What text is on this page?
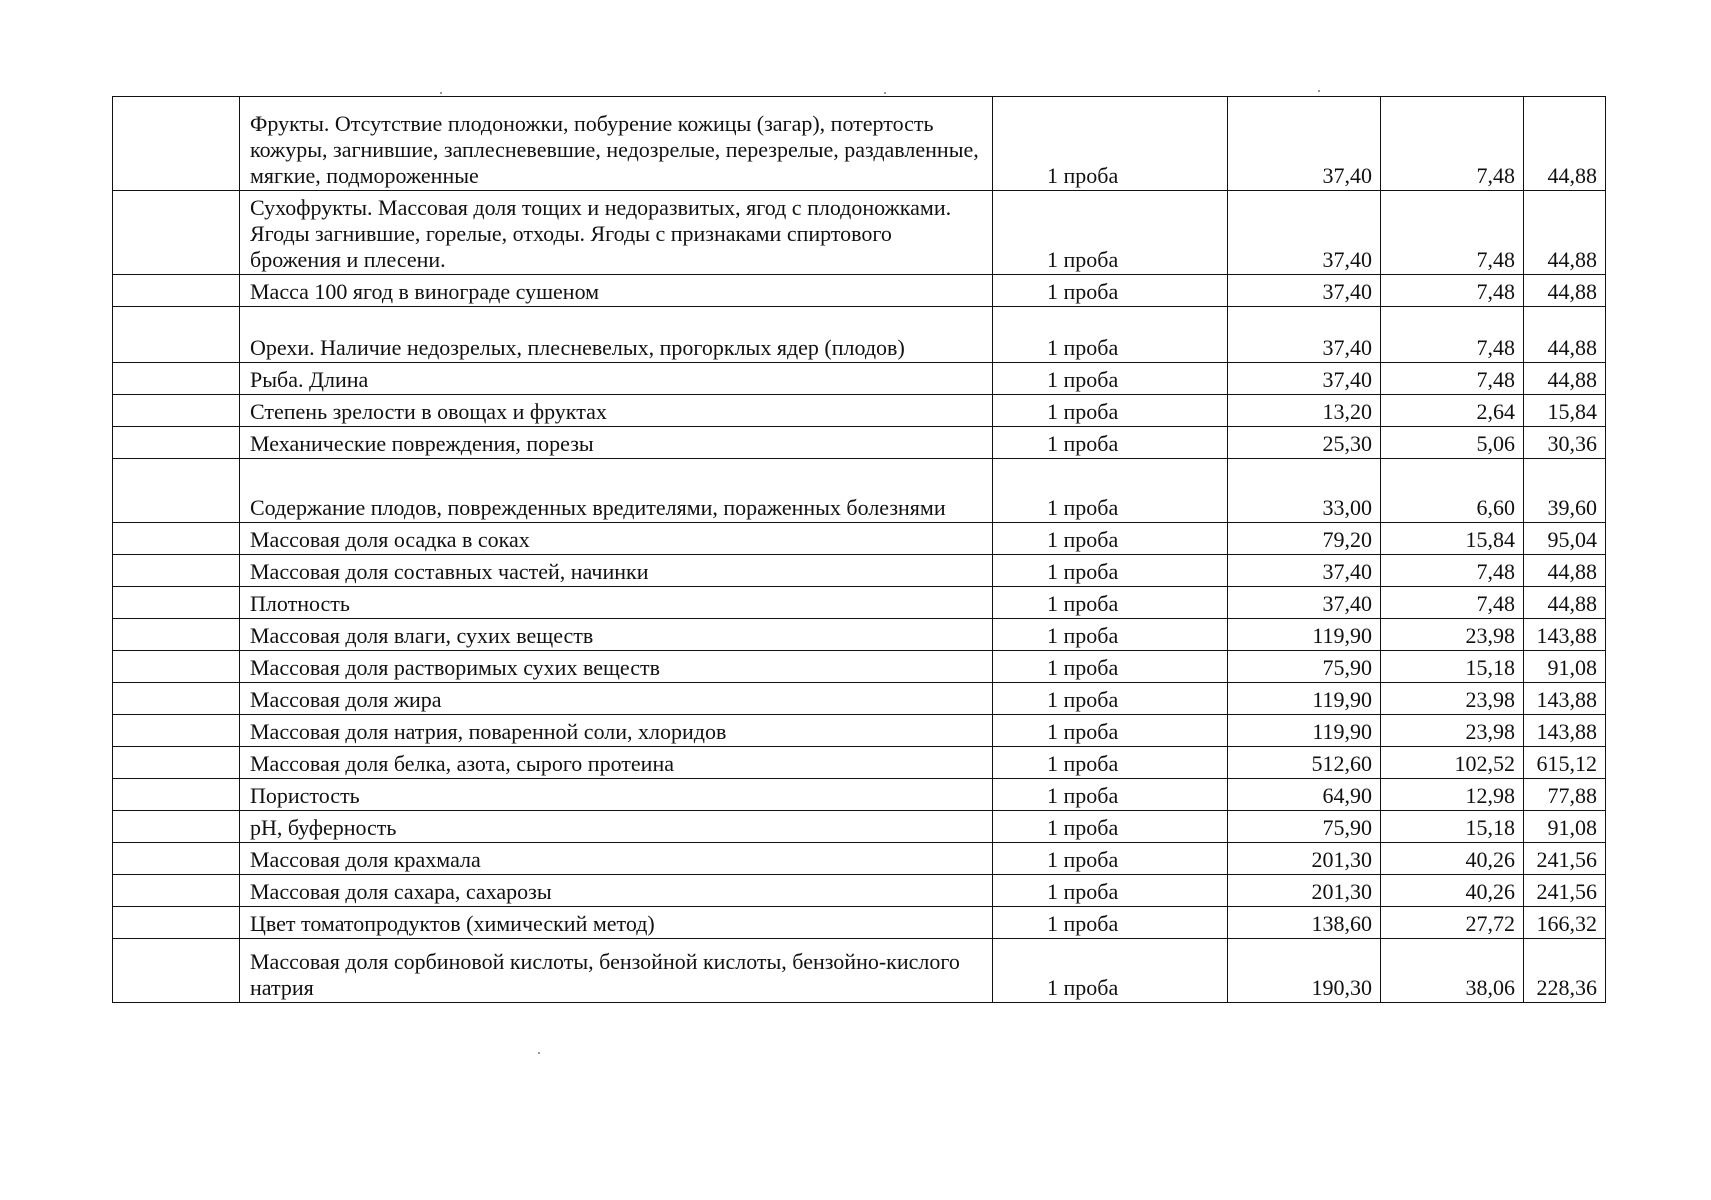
	Фрукты. Отсутствие плодоножки, побурение кожицы (загар), потертость кожуры, загнившие, заплесневевшие, недозрелые, перезрелые, раздавленные, мягкие, подмороженные	1 проба	37,40	7,48	44,88
	Сухофрукты. Массовая доля тощих и недоразвитых, ягод с плодоножками. Ягоды загнившие, горелые, отходы. Ягоды с признаками спиртового брожения и плесени.	1 проба	37,40	7,48	44,88
	Масса 100 ягод в винограде сушеном	1 проба	37,40	7,48	44,88
	Орехи. Наличие недозрелых, плесневелых, прогорклых ядер (плодов)	1 проба	37,40	7,48	44,88
	Рыба. Длина	1 проба	37,40	7,48	44,88
	Степень зрелости в овощах и фруктах	1 проба	13,20	2,64	15,84
	Механические повреждения, порезы	1 проба	25,30	5,06	30,36
	Содержание плодов, поврежденных вредителями, пораженных болезнями	1 проба	33,00	6,60	39,60
	Массовая доля осадка в соках	1 проба	79,20	15,84	95,04
	Массовая доля составных частей, начинки	1 проба	37,40	7,48	44,88
	Плотность	1 проба	37,40	7,48	44,88
	Массовая доля влаги, сухих веществ	1 проба	119,90	23,98	143,88
	Массовая доля растворимых сухих веществ	1 проба	75,90	15,18	91,08
	Массовая доля жира	1 проба	119,90	23,98	143,88
	Массовая доля натрия, поваренной соли, хлоридов	1 проба	119,90	23,98	143,88
	Массовая доля белка, азота, сырого протеина	1 проба	512,60	102,52	615,12
	Пористость	1 проба	64,90	12,98	77,88
	pH, буферность	1 проба	75,90	15,18	91,08
	Массовая доля крахмала	1 проба	201,30	40,26	241,56
	Массовая доля сахара, сахарозы	1 проба	201,30	40,26	241,56
	Цвет томатопродуктов (химический метод)	1 проба	138,60	27,72	166,32
	Массовая доля сорбиновой кислоты, бензойной кислоты, бензойно-кислого натрия	1 проба	190,30	38,06	228,36
